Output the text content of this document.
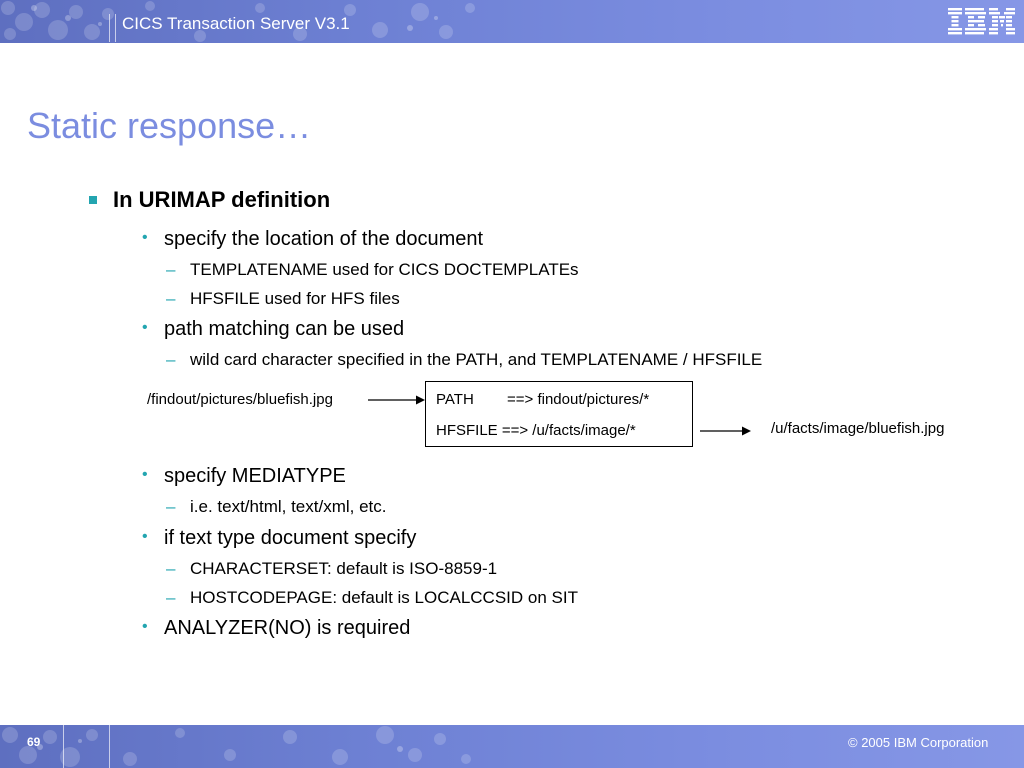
CICS Transaction Server V3.1
Static response…
In URIMAP definition
• specify the location of the document
– TEMPLATENAME used for CICS DOCTEMPLATEs
– HFSFILE used for HFS files
• path matching can be used
– wild card character specified in the PATH, and TEMPLATENAME / HFSFILE
/findout/pictures/bluefish.jpg	PATH ==> findout/pictures/*
HFSFILE ==> /u/facts/image/*	/u/facts/image/bluefish.jpg
• specify MEDIATYPE
– i.e. text/html, text/xml, etc.
• if text type document specify
– CHARACTERSET: default is ISO-8859-1
– HOSTCODEPAGE: default is LOCALCCSID on SIT
• ANALYZER(NO) is required
69	© 2005 IBM Corporation
